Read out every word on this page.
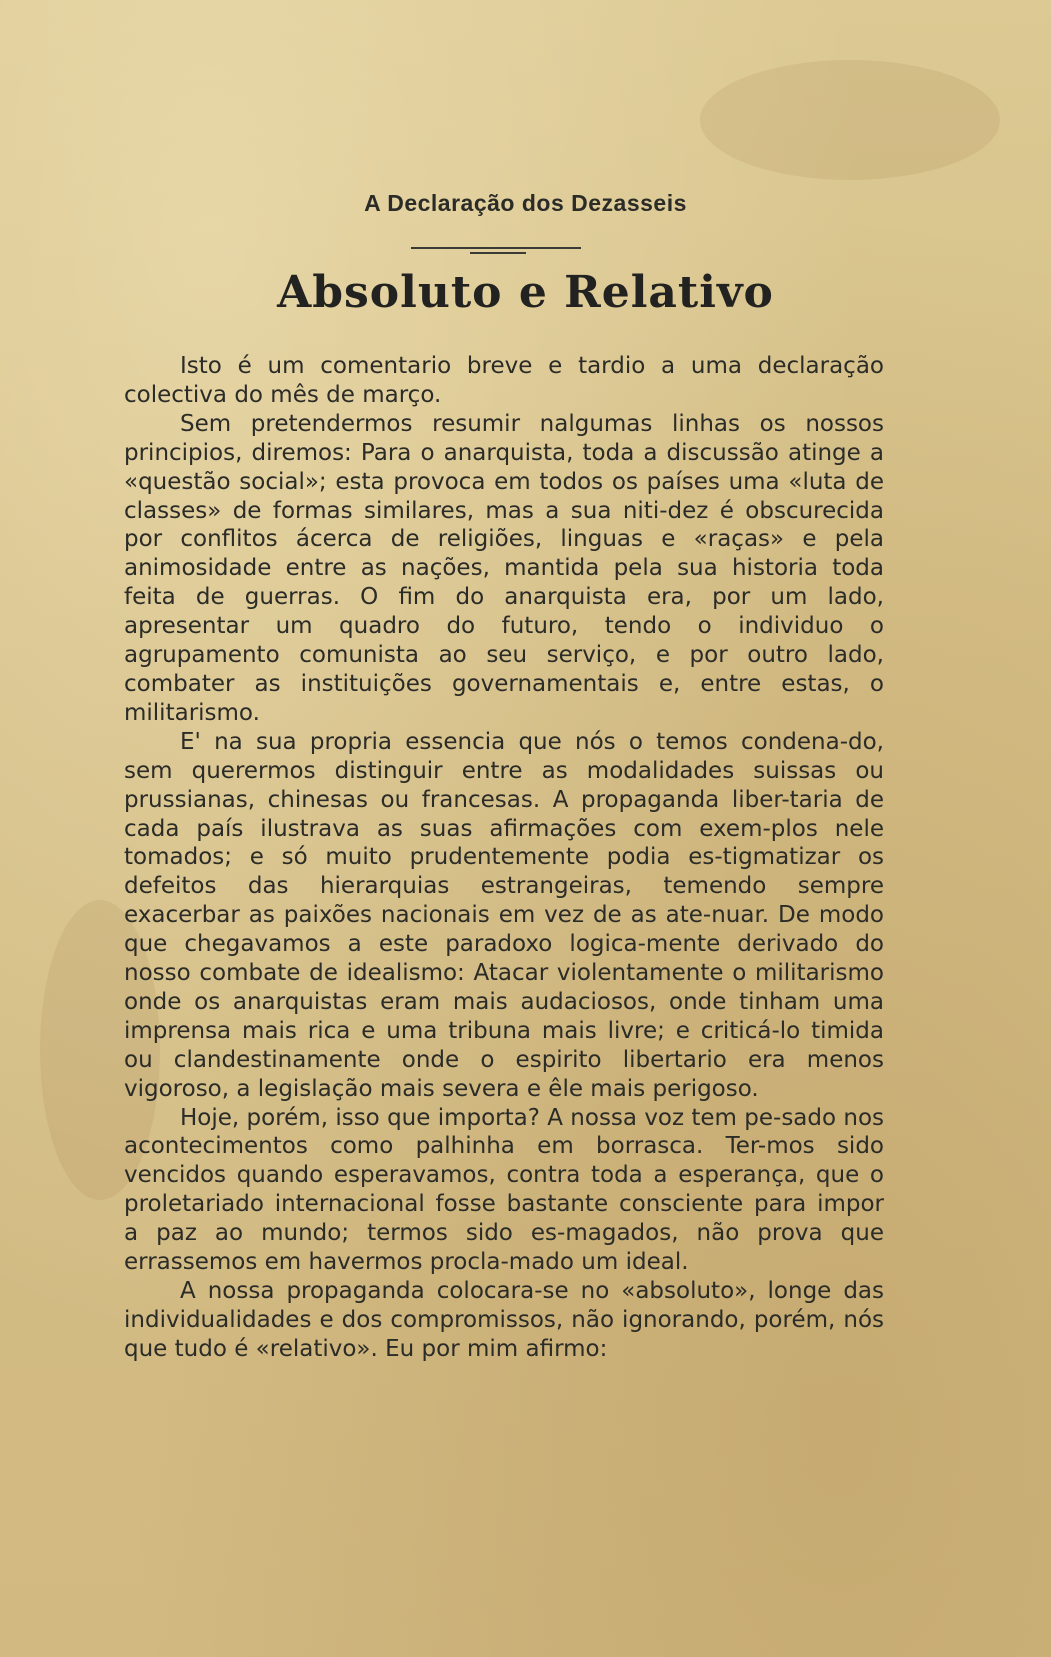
A Declaração dos Dezasseis
Absoluto e Relativo

Isto é um comentario breve e tardio a uma declaração colectiva do mês de março.

Sem pretendermos resumir nalgumas linhas os nossos principios, diremos: Para o anarquista, toda a discussão atinge a «questão social»; esta provoca em todos os países uma «luta de classes» de formas similares, mas a sua niti-dez é obscurecida por conflitos ácerca de religiões, linguas e «raças» e pela animosidade entre as nações, mantida pela sua historia toda feita de guerras. O fim do anarquista era, por um lado, apresentar um quadro do futuro, tendo o individuo o agrupamento comunista ao seu serviço, e por outro lado, combater as instituições governamentais e, entre estas, o militarismo.

E' na sua propria essencia que nós o temos condena-do, sem querermos distinguir entre as modalidades suissas ou prussianas, chinesas ou francesas. A propaganda liber-taria de cada país ilustrava as suas afirmações com exem-plos nele tomados; e só muito prudentemente podia es-tigmatizar os defeitos das hierarquias estrangeiras, temendo sempre exacerbar as paixões nacionais em vez de as ate-nuar. De modo que chegavamos a este paradoxo logica-mente derivado do nosso combate de idealismo: Atacar violentamente o militarismo onde os anarquistas eram mais audaciosos, onde tinham uma imprensa mais rica e uma tribuna mais livre; e criticá-lo timida ou clandestinamente onde o espirito libertario era menos vigoroso, a legislação mais severa e êle mais perigoso.

Hoje, porém, isso que importa? A nossa voz tem pe-sado nos acontecimentos como palhinha em borrasca. Ter-mos sido vencidos quando esperavamos, contra toda a esperança, que o proletariado internacional fosse bastante consciente para impor a paz ao mundo; termos sido es-magados, não prova que errassemos em havermos procla-mado um ideal.

A nossa propaganda colocara-se no «absoluto», longe das individualidades e dos compromissos, não ignorando, porém, nós que tudo é «relativo». Eu por mim afirmo:
